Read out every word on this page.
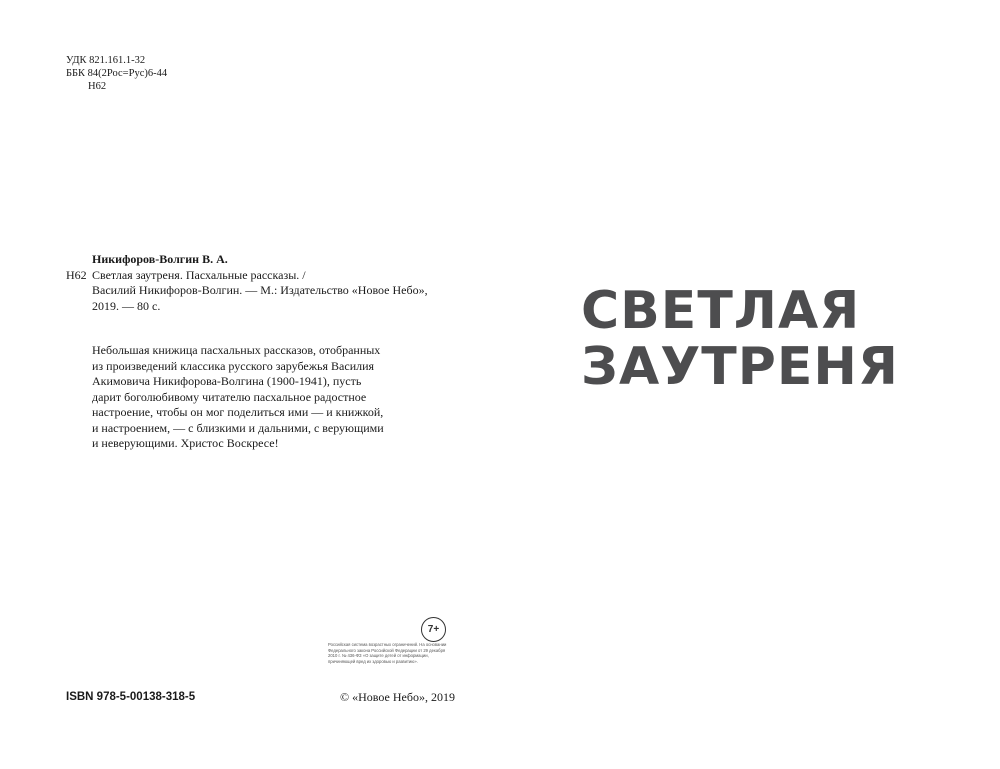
УДК 821.161.1-32
ББК 84(2Рос=Рус)6-44
Н62
Никифоров-Волгин В. А.
Н62 Светлая заутреня. Пасхальные рассказы. /
Василий Никифоров-Волгин. — М.: Издательство «Новое Небо»,
2019. — 80 с.
Небольшая книжица пасхальных рассказов, отобранных
из произведений классика русского зарубежья Василия
Акимовича Никифорова-Волгина (1900-1941), пусть
дарит боголюбивому читателю пасхальное радостное
настроение, чтобы он мог поделиться ими — и книжкой,
и настроением, — с близкими и дальними, с верующими
и неверующими. Христос Воскресе!
7+
Российская система возрастных ограничений. На основании Федерального закона Российской Федерации от 29 декабря 2010 г. № 436-ФЗ «О защите детей от информации, причиняющей вред их здоровью и развитию».
ISBN 978-5-00138-318-5	© «Новое Небо», 2019
СВЕТЛАЯ
ЗАУТРЕНЯ
